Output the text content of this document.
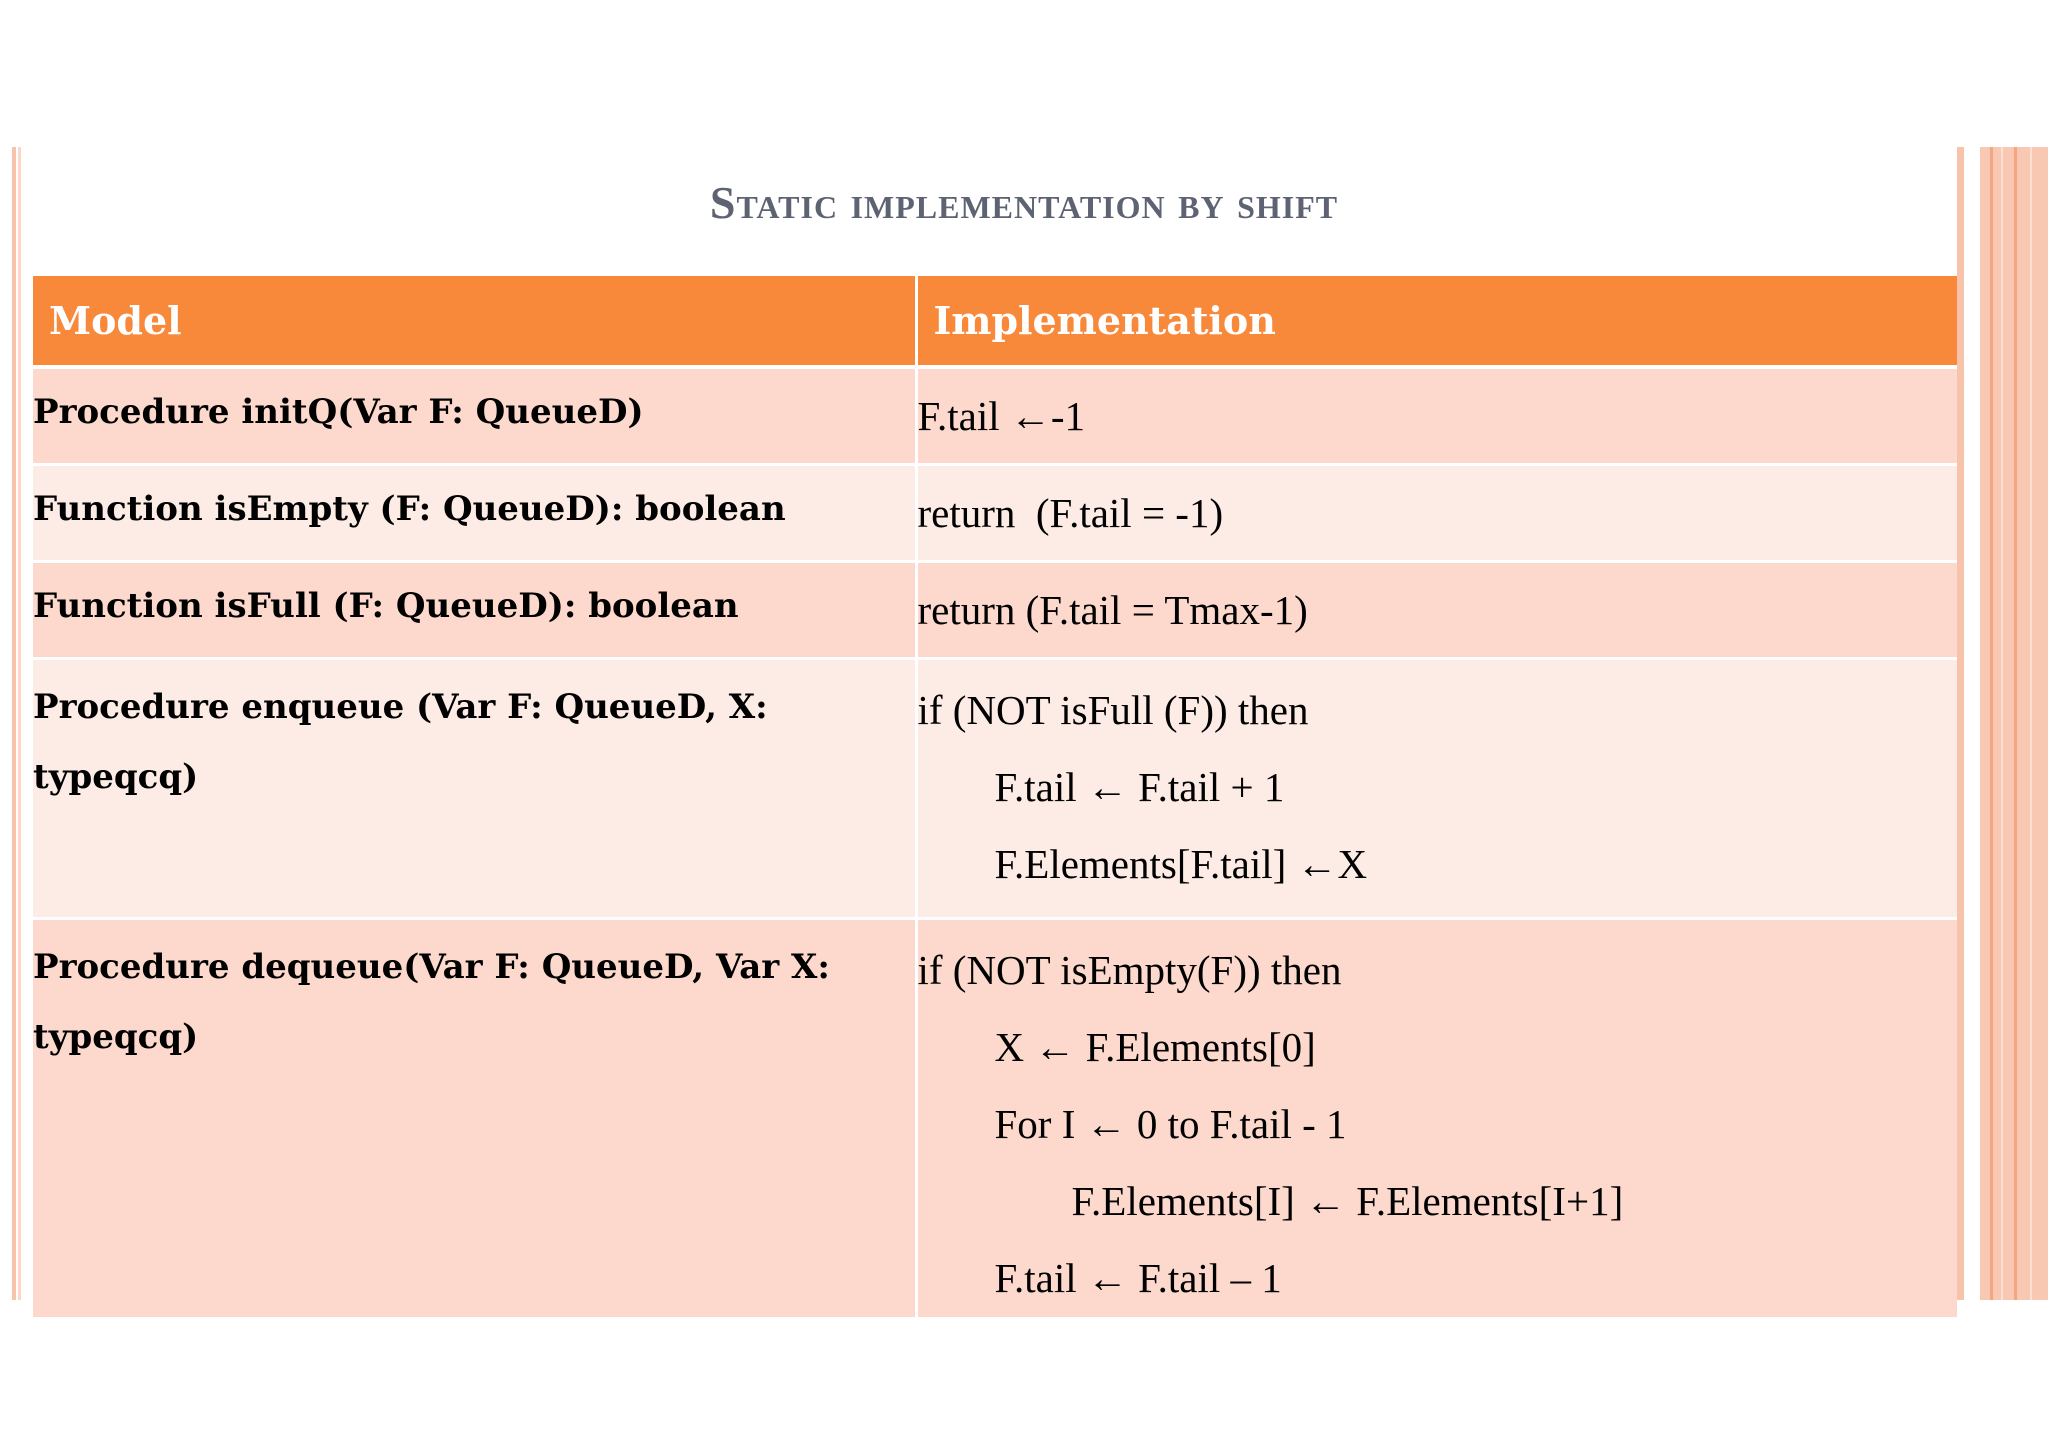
Static implementation by shift
Model	Implementation
Procedure initQ(Var F: QueueD)	F.tail ←-1

Function isEmpty (F: QueueD): boolean	return  (F.tail = -1)

Function isFull (F: QueueD): boolean	return (F.tail = Tmax-1)

Procedure enqueue (Var F: QueueD, X: typeqcq)	if (NOT isFull (F)) then
F.tail ← F.tail + 1
F.Elements[F.tail] ←X

Procedure dequeue(Var F: QueueD, Var X: typeqcq)	if (NOT isEmpty(F)) then
X ← F.Elements[0]
For I ← 0 to F.tail - 1
F.Elements[I] ← F.Elements[I+1]
F.tail ← F.tail – 1
